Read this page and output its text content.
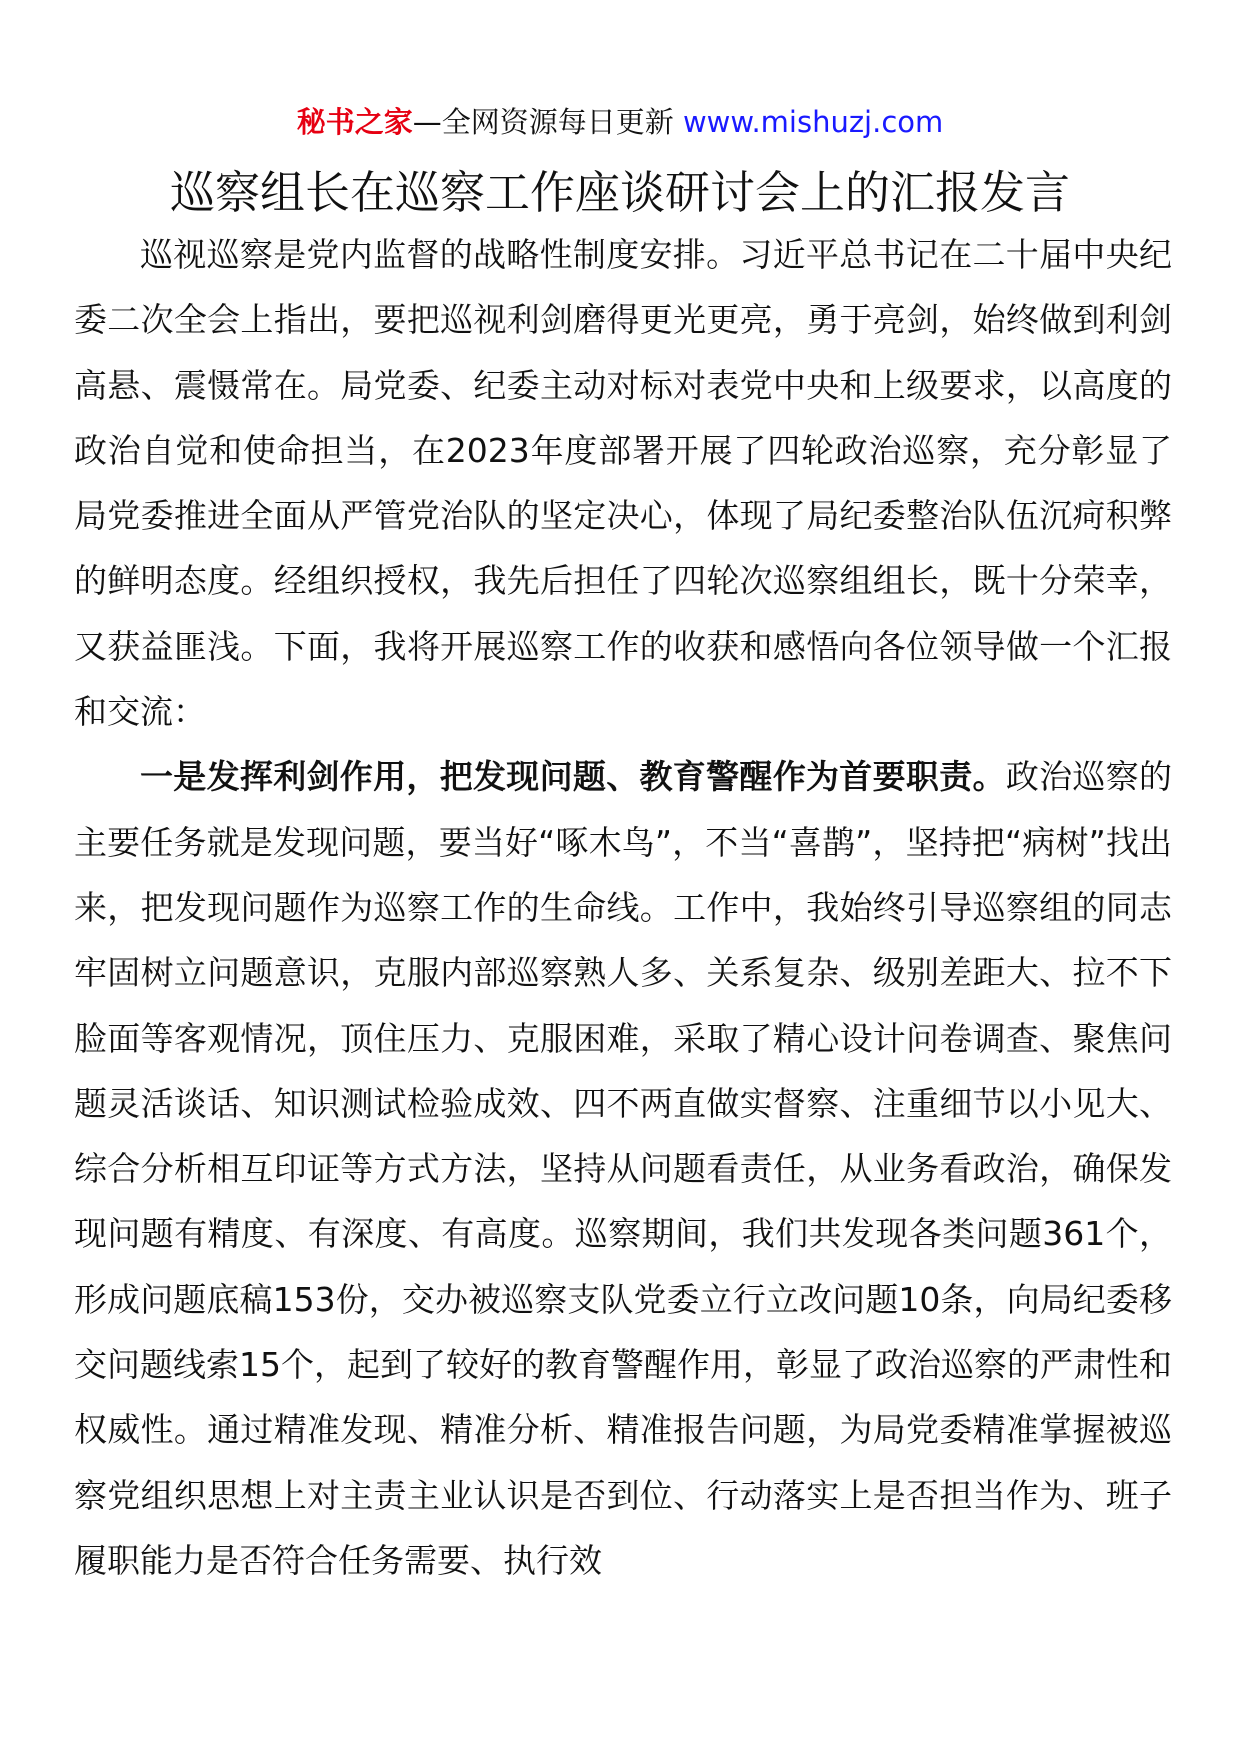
秘书之家—全网资源每日更新 www.mishuzj.com
巡察组长在巡察工作座谈研讨会上的汇报发言

巡视巡察是党内监督的战略性制度安排。习近平总书记在二十届中央纪委二次全会上指出，要把巡视利剑磨得更光更亮，勇于亮剑，始终做到利剑高悬、震慑常在。局党委、纪委主动对标对表党中央和上级要求，以高度的政治自觉和使命担当，在2023年度部署开展了四轮政治巡察，充分彰显了局党委推进全面从严管党治队的坚定决心，体现了局纪委整治队伍沉疴积弊的鲜明态度。经组织授权，我先后担任了四轮次巡察组组长，既十分荣幸，又获益匪浅。下面，我将开展巡察工作的收获和感悟向各位领导做一个汇报和交流：

一是发挥利剑作用，把发现问题、教育警醒作为首要职责。政治巡察的主要任务就是发现问题，要当好“啄木鸟”，不当“喜鹊”，坚持把“病树”找出来，把发现问题作为巡察工作的生命线。工作中，我始终引导巡察组的同志牢固树立问题意识，克服内部巡察熟人多、关系复杂、级别差距大、拉不下脸面等客观情况，顶住压力、克服困难，采取了精心设计问卷调查、聚焦问题灵活谈话、知识测试检验成效、四不两直做实督察、注重细节以小见大、综合分析相互印证等方式方法，坚持从问题看责任，从业务看政治，确保发现问题有精度、有深度、有高度。巡察期间，我们共发现各类问题361个，形成问题底稿153份，交办被巡察支队党委立行立改问题10条，向局纪委移交问题线索15个，起到了较好的教育警醒作用，彰显了政治巡察的严肃性和权威性。通过精准发现、精准分析、精准报告问题，为局党委精准掌握被巡察党组织思想上对主责主业认识是否到位、行动落实上是否担当作为、班子履职能力是否符合任务需要、执行效
